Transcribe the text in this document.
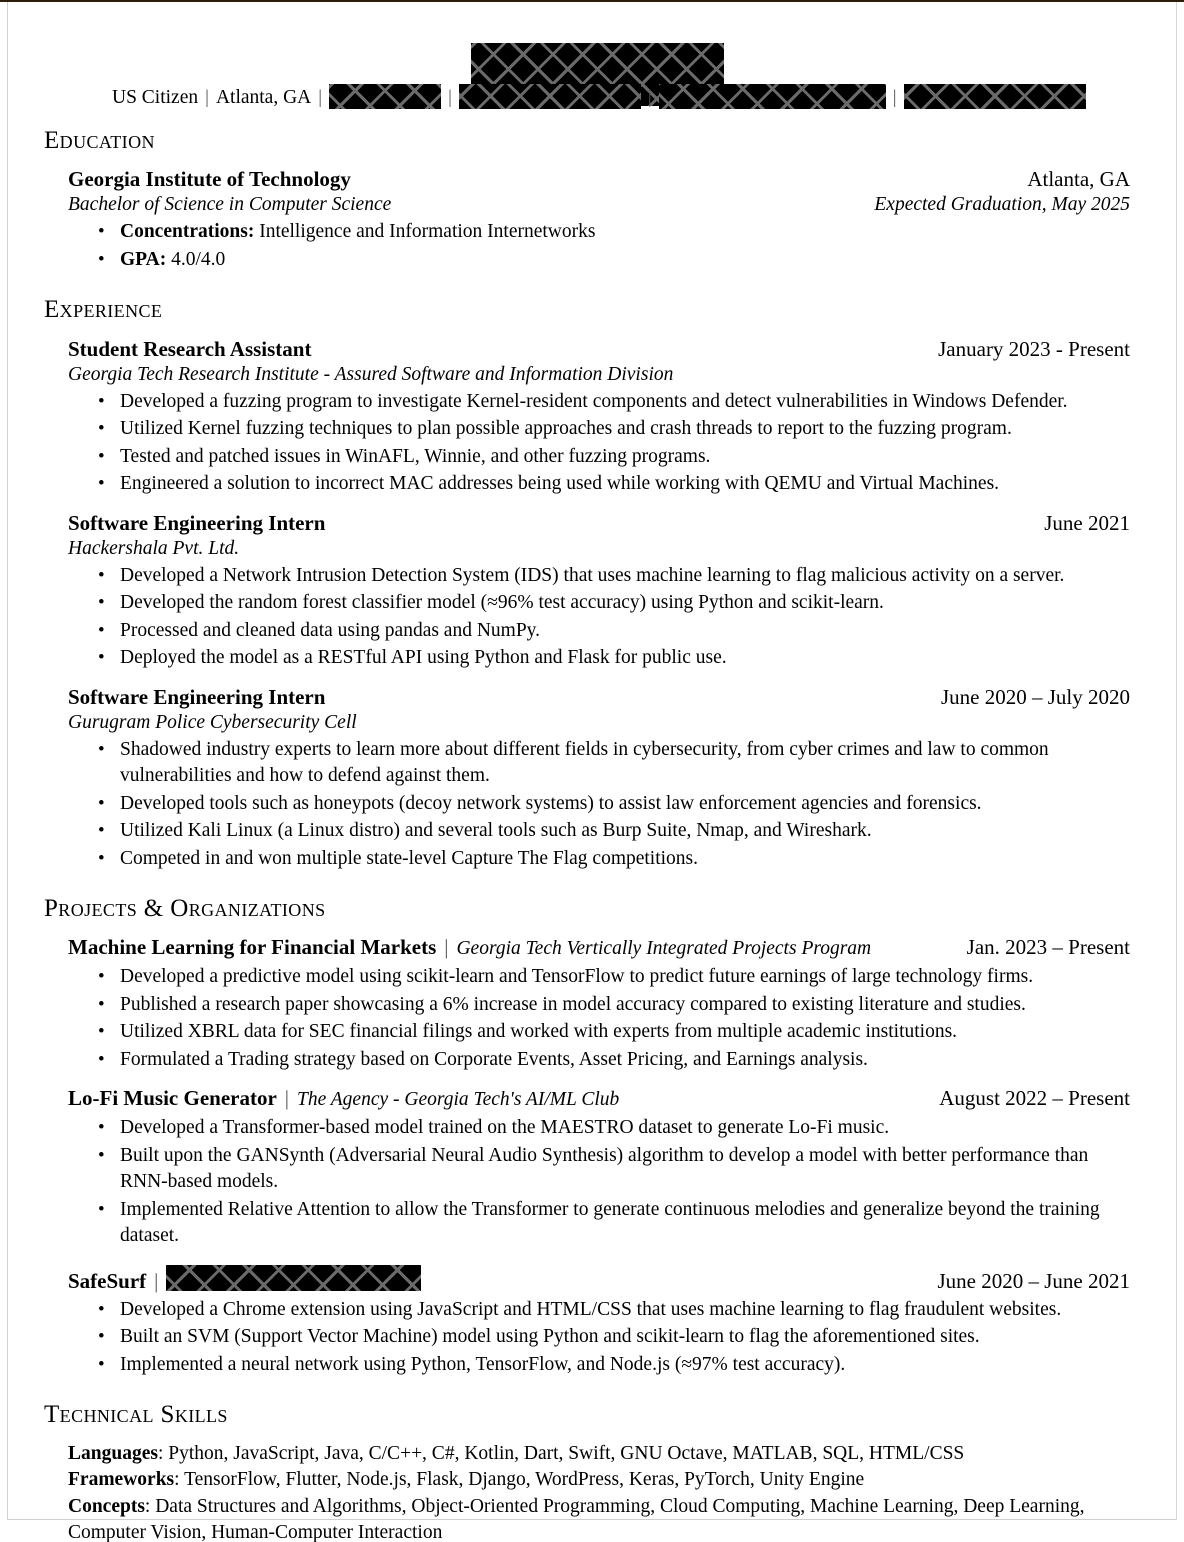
US Citizen | Atlanta, GA |	|	|	|
Education
Georgia Institute of Technology	Atlanta, GA
Bachelor of Science in Computer Science	Expected Graduation, May 2025
• Concentrations: Intelligence and Information Internetworks
• GPA: 4.0/4.0
Experience
Student Research Assistant	January 2023 - Present
Georgia Tech Research Institute - Assured Software and Information Division
• Developed a fuzzing program to investigate Kernel-resident components and detect vulnerabilities in Windows Defender.
• Utilized Kernel fuzzing techniques to plan possible approaches and crash threads to report to the fuzzing program.
• Tested and patched issues in WinAFL, Winnie, and other fuzzing programs.
• Engineered a solution to incorrect MAC addresses being used while working with QEMU and Virtual Machines.
Software Engineering Intern	June 2021
Hackershala Pvt. Ltd.
• Developed a Network Intrusion Detection System (IDS) that uses machine learning to flag malicious activity on a server.
• Developed the random forest classifier model (≈96% test accuracy) using Python and scikit-learn.
• Processed and cleaned data using pandas and NumPy.
• Deployed the model as a RESTful API using Python and Flask for public use.
Software Engineering Intern	June 2020 – July 2020
Gurugram Police Cybersecurity Cell
• Shadowed industry experts to learn more about different fields in cybersecurity, from cyber crimes and law to common vulnerabilities and how to defend against them.
• Developed tools such as honeypots (decoy network systems) to assist law enforcement agencies and forensics.
• Utilized Kali Linux (a Linux distro) and several tools such as Burp Suite, Nmap, and Wireshark.
• Competed in and won multiple state-level Capture The Flag competitions.
Projects & Organizations
Machine Learning for Financial Markets | Georgia Tech Vertically Integrated Projects Program	Jan. 2023 – Present
• Developed a predictive model using scikit-learn and TensorFlow to predict future earnings of large technology firms.
• Published a research paper showcasing a 6% increase in model accuracy compared to existing literature and studies.
• Utilized XBRL data for SEC financial filings and worked with experts from multiple academic institutions.
• Formulated a Trading strategy based on Corporate Events, Asset Pricing, and Earnings analysis.
Lo-Fi Music Generator | The Agency - Georgia Tech's AI/ML Club	August 2022 – Present
• Developed a Transformer-based model trained on the MAESTRO dataset to generate Lo-Fi music.
• Built upon the GANSynth (Adversarial Neural Audio Synthesis) algorithm to develop a model with better performance than RNN-based models.
• Implemented Relative Attention to allow the Transformer to generate continuous melodies and generalize beyond the training dataset.
SafeSurf |	June 2020 – June 2021
• Developed a Chrome extension using JavaScript and HTML/CSS that uses machine learning to flag fraudulent websites.
• Built an SVM (Support Vector Machine) model using Python and scikit-learn to flag the aforementioned sites.
• Implemented a neural network using Python, TensorFlow, and Node.js (≈97% test accuracy).
Technical Skills

Languages: Python, JavaScript, Java, C/C++, C#, Kotlin, Dart, Swift, GNU Octave, MATLAB, SQL, HTML/CSS

Frameworks: TensorFlow, Flutter, Node.js, Flask, Django, WordPress, Keras, PyTorch, Unity Engine

Concepts: Data Structures and Algorithms, Object-Oriented Programming, Cloud Computing, Machine Learning, Deep Learning, Computer Vision, Human-Computer Interaction
